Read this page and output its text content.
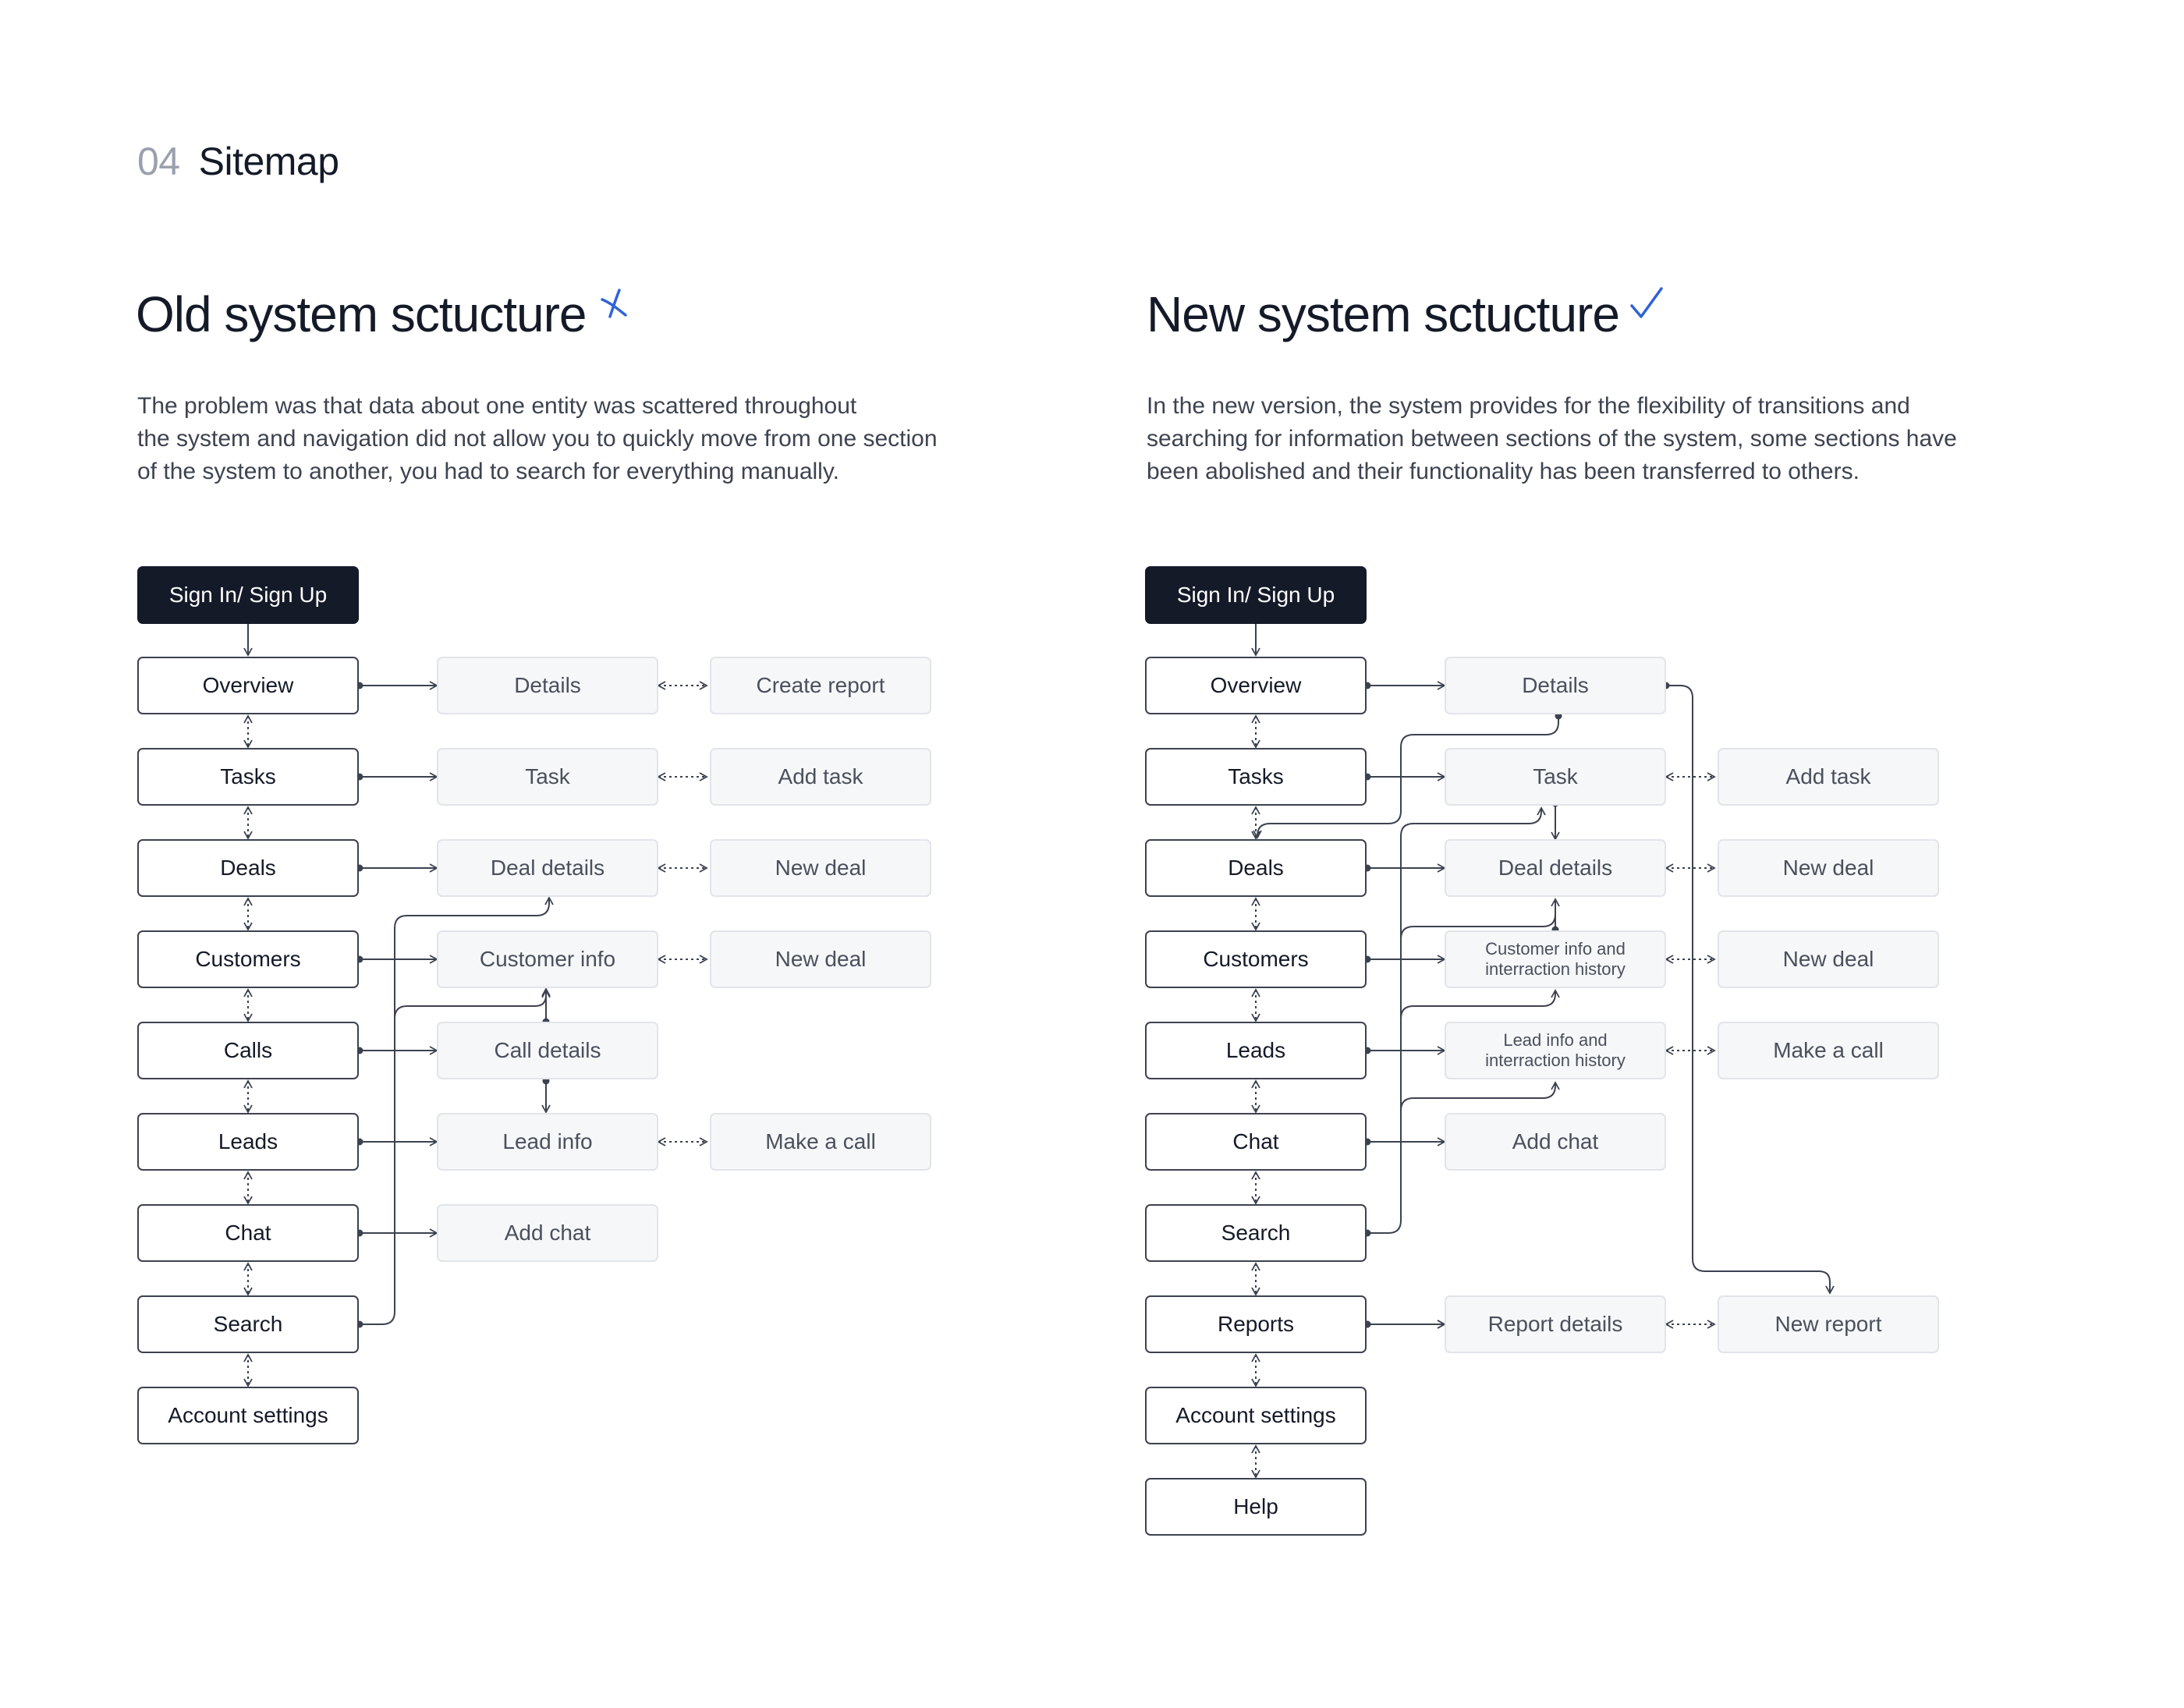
04 Sitemap
Old system sctucture
The problem was that data about one entity was scattered throughout
the system and navigation did not allow you to quickly move from one section
of the system to another, you had to search for everything manually.
New system sctucture
In the new version, the system provides for the flexibility of transitions and
searching for information between sections of the system, some sections have
been abolished and their functionality has been transferred to others.
Sign In/ Sign Up
Overview
Tasks
Deals
Customers
Calls
Leads
Chat
Search
Account settings
Details
Task
Deal details
Customer info
Call details
Lead info
Add chat
Create report
Add task
New deal
New deal
Make a call
Sign In/ Sign Up
Overview
Tasks
Deals
Customers
Leads
Chat
Search
Reports
Account settings
Help
Details
Task
Deal details
Customer info and
interraction history
Lead info and
interraction history
Add chat
Report details
Add task
New deal
New deal
Make a call
New report
